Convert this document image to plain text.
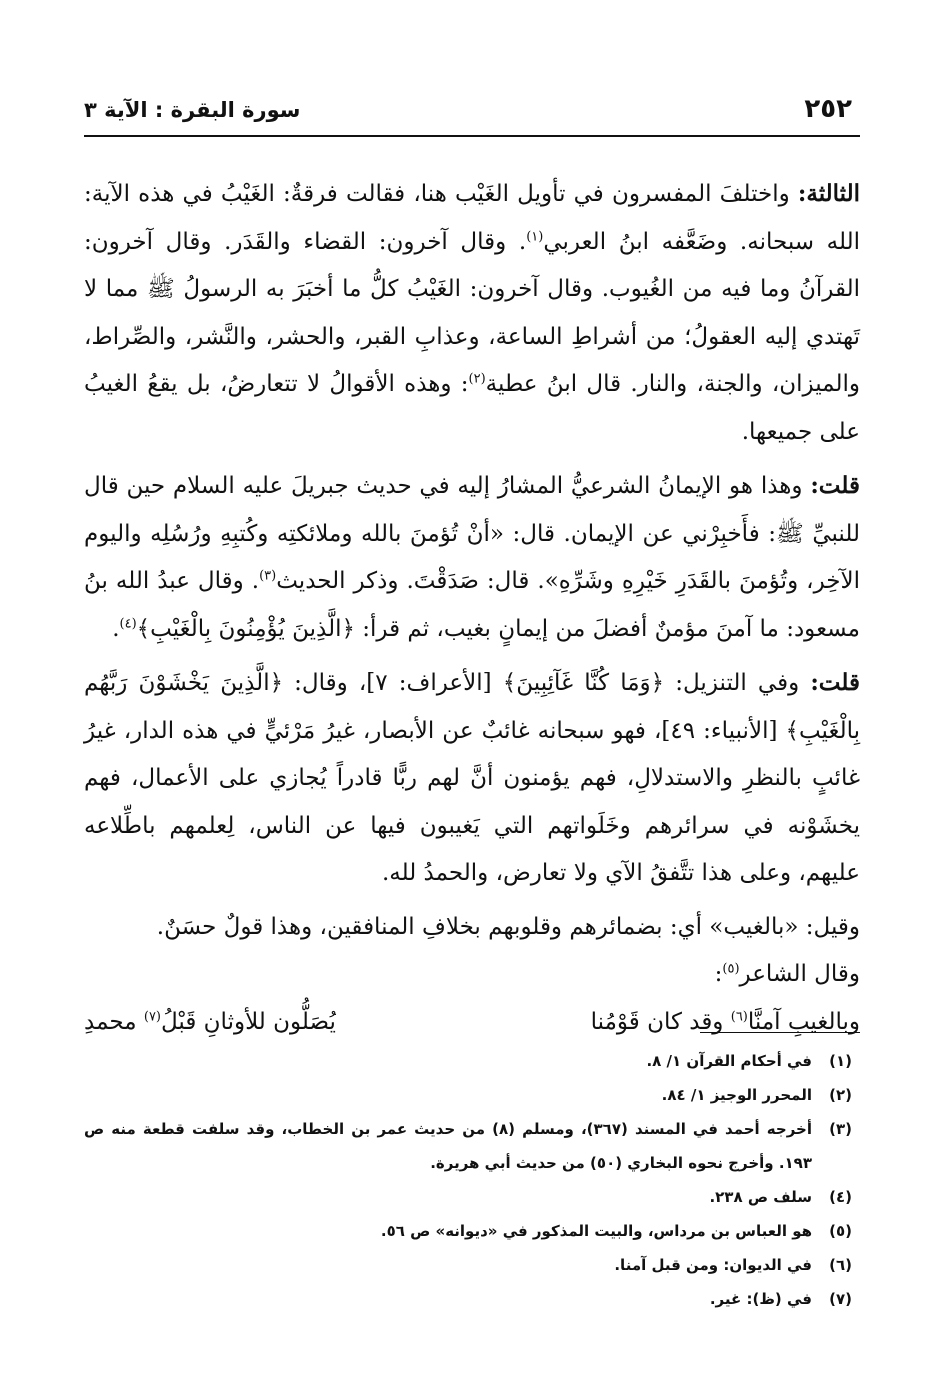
٢٥٢
سورة البقرة : الآية ٣

الثالثة: واختلفَ المفسرون في تأويل الغَيْب هنا، فقالت فرقةٌ: الغَيْبُ في هذه الآية: الله سبحانه. وضَعَّفه ابنُ العربي$^{(١)}$. وقال آخرون: القضاء والقَدَر. وقال آخرون: القرآنُ وما فيه من الغُيوب. وقال آخرون: الغَيْبُ كلُّ ما أخبَرَ به الرسولُ ﷺ مما لا تَهتدي إليه العقولُ؛ من أشراطِ الساعة، وعذابِ القبر، والحشر، والنَّشر، والصِّراط، والميزان، والجنة، والنار. قال ابنُ عطية$^{(٢)}$: وهذه الأقوالُ لا تتعارضُ، بل يقعُ الغيبُ على جميعها.

قلت: وهذا هو الإيمانُ الشرعيُّ المشارُ إليه في حديث جبريلَ عليه السلام حين قال للنبيِّ ﷺ: فأَخبِرْني عن الإيمان. قال: «أنْ تُؤمنَ بالله وملائكتِه وكُتبِهِ ورُسُلِه واليوم الآخِر، وتُؤمنَ بالقَدَرِ خَيْرِهِ وشَرِّهِ». قال: صَدَقْتَ. وذكر الحديث$^{(٣)}$. وقال عبدُ الله بنُ مسعود: ما آمنَ مؤمنٌ أفضلَ من إيمانٍ بغيب، ثم قرأ: ﴿الَّذِينَ يُؤْمِنُونَ بِالْغَيْبِ﴾$^{(٤)}$.

قلت: وفي التنزيل: ﴿وَمَا كُنَّا غَآئِبِينَ﴾ [الأعراف: ٧]، وقال: ﴿الَّذِينَ يَخْشَوْنَ رَبَّهُم بِالْغَيْبِ﴾ [الأنبياء: ٤٩]، فهو سبحانه غائبٌ عن الأبصار، غيرُ مَرْئيٍّ في هذه الدار، غيرُ غائبٍ بالنظرِ والاستدلالِ، فهم يؤمنون أنَّ لهم ربًّا قادراً يُجازي على الأعمال، فهم يخشَوْنه في سرائرهم وخَلَواتهم التي يَغيبون فيها عن الناس، لِعلمهم باطِّلاعه عليهم، وعلى هذا تتَّفقُ الآي ولا تعارض، والحمدُ لله.

وقيل: «بالغيب» أي: بضمائرهم وقلوبهم بخلافِ المنافقين، وهذا قولٌ حسَنٌ.

وقال الشاعر$^{(٥)}$:
وبالغيبِ آمنَّا$^{(٦)}$ وقد كان قَوْمُنا
يُصَلُّون للأوثانِ قَبْلُ$^{(٧)}$ محمدِ
(١)
في أحكام القرآن ١/ ٨.
(٢)
المحرر الوجيز ١/ ٨٤.
(٣)
أخرجه أحمد في المسند (٣٦٧)، ومسلم (٨) من حديث عمر بن الخطاب، وقد سلفت قطعة منه ص ١٩٣. وأخرج نحوه البخاري (٥٠) من حديث أبي هريرة.
(٤)
سلف ص ٢٣٨.
(٥)
هو العباس بن مرداس، والبيت المذكور في «ديوانه» ص ٥٦.
(٦)
في الديوان: ومن قبل آمنا.
(٧)
في (ظ): غير.
